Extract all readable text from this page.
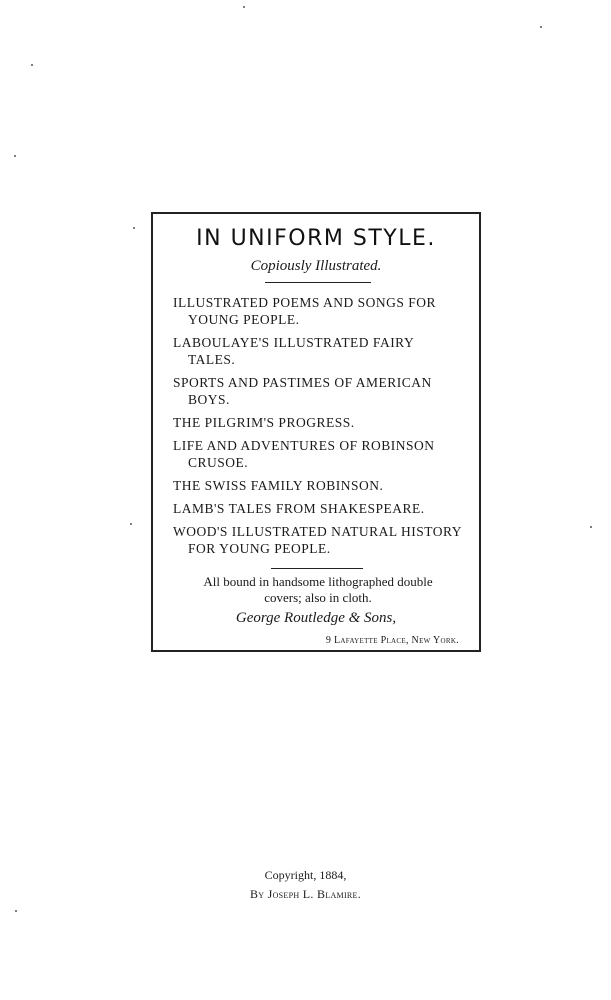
IN UNIFORM STYLE.
Copiously Illustrated.
ILLUSTRATED POEMS AND SONGS FOR YOUNG PEOPLE.
LABOULAYE'S ILLUSTRATED FAIRY TALES.
SPORTS AND PASTIMES OF AMERICAN BOYS.
THE PILGRIM'S PROGRESS.
LIFE AND ADVENTURES OF ROBINSON CRUSOE.
THE SWISS FAMILY ROBINSON.
LAMB'S TALES FROM SHAKESPEARE.
WOOD'S ILLUSTRATED NATURAL HISTORY FOR YOUNG PEOPLE.
All bound in handsome lithographed double covers; also in cloth.
George Routledge & Sons,
9 Lafayette Place, New York.
Copyright, 1884,
By Joseph L. Blamire.
